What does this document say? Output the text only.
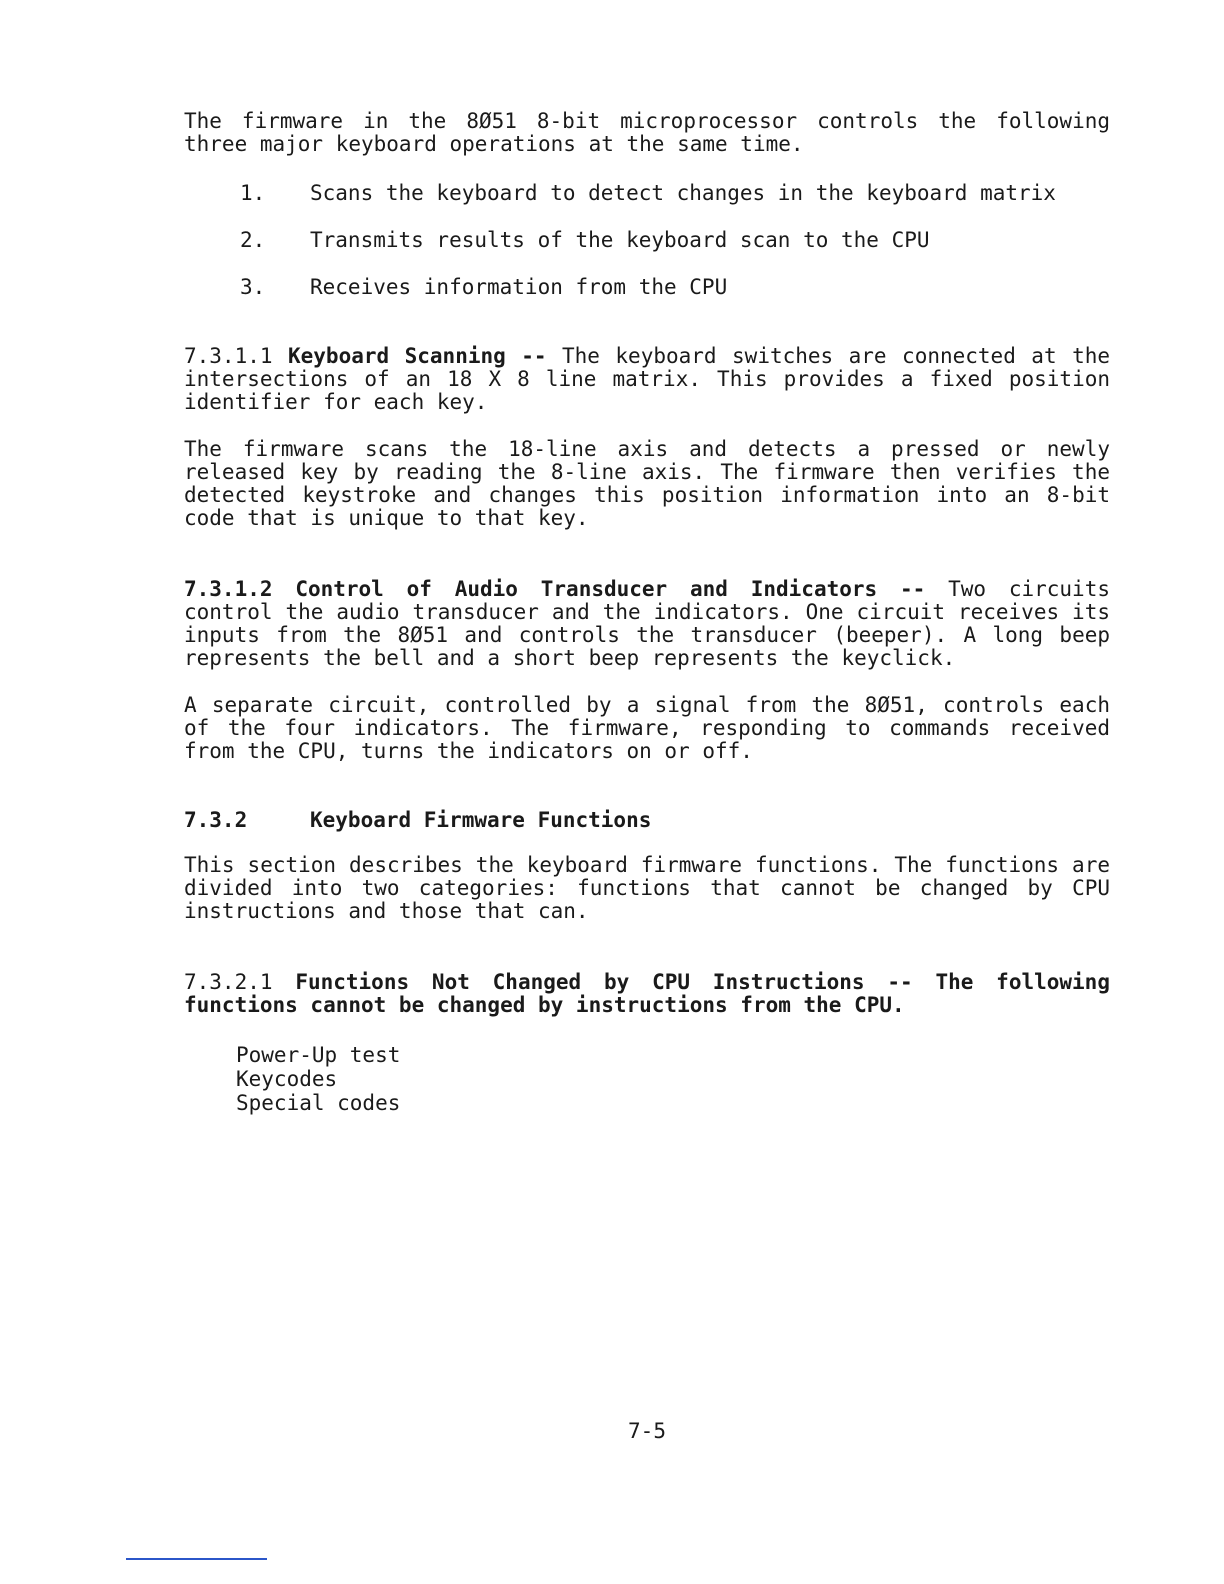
The firmware in the 8Ø51 8-bit microprocessor controls the following three major keyboard operations at the same time.

1.	Scans the keyboard to detect changes in the keyboard matrix
2.	Transmits results of the keyboard scan to the CPU
3.	Receives information from the CPU

7.3.1.1 Keyboard Scanning -- The keyboard switches are connected at the intersections of an 18 X 8 line matrix. This provides a fixed position identifier for each key.

The firmware scans the 18-line axis and detects a pressed or newly released key by reading the 8-line axis. The firmware then verifies the detected keystroke and changes this position information into an 8-bit code that is unique to that key.

7.3.1.2 Control of Audio Transducer and Indicators -- Two circuits control the audio transducer and the indicators. One circuit receives its inputs from the 8Ø51 and controls the transducer (beeper). A long beep represents the bell and a short beep represents the keyclick.

A separate circuit, controlled by a signal from the 8Ø51, controls each of the four indicators. The firmware, responding to commands received from the CPU, turns the indicators on or off.

7.3.2	Keyboard Firmware Functions

This section describes the keyboard firmware functions. The functions are divided into two categories: functions that cannot be changed by CPU instructions and those that can.

7.3.2.1 Functions Not Changed by CPU Instructions -- The following functions cannot be changed by instructions from the CPU.

Power-Up test
Keycodes
Special codes
7-5
